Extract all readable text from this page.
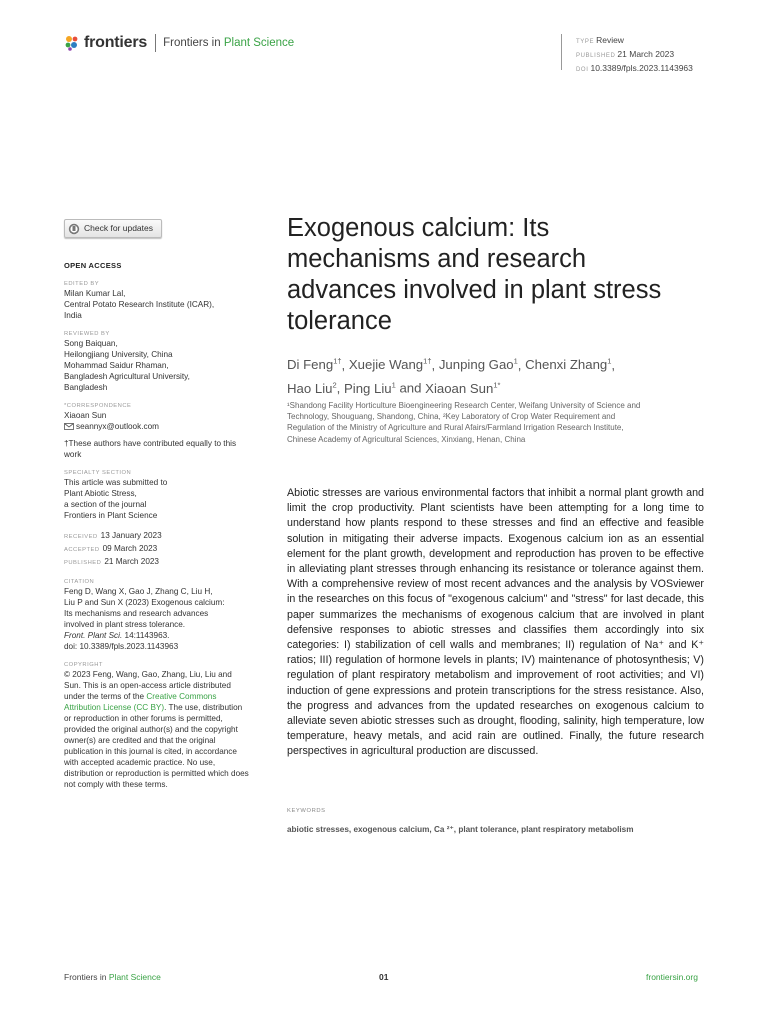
frontiers Frontiers in Plant Science	TYPE Review
PUBLISHED 21 March 2023
DOI 10.3389/fpls.2023.1143963
Check for updates
OPEN ACCESS
EDITED BY
Milan Kumar Lal,
Central Potato Research Institute (ICAR),
India
REVIEWED BY
Song Baiquan,
Heilongjiang University, China
Mohammad Saidur Rhaman,
Bangladesh Agricultural University,
Bangladesh
*CORRESPONDENCE
Xiaoan Sun
seannyx@outlook.com
†These authors have contributed equally to this work
SPECIALTY SECTION
This article was submitted to
Plant Abiotic Stress,
a section of the journal
Frontiers in Plant Science
RECEIVED 13 January 2023
ACCEPTED 09 March 2023
PUBLISHED 21 March 2023
CITATION
Feng D, Wang X, Gao J, Zhang C, Liu H,
Liu P and Sun X (2023) Exogenous calcium:
Its mechanisms and research advances
involved in plant stress tolerance.
Front. Plant Sci. 14:1143963.
doi: 10.3389/fpls.2023.1143963
COPYRIGHT
© 2023 Feng, Wang, Gao, Zhang, Liu, Liu and Sun. This is an open-access article distributed under the terms of the Creative Commons Attribution License (CC BY). The use, distribution or reproduction in other forums is permitted, provided the original author(s) and the copyright owner(s) are credited and that the original publication in this journal is cited, in accordance with accepted academic practice. No use, distribution or reproduction is permitted which does not comply with these terms.
Exogenous calcium: Its mechanisms and research advances involved in plant stress tolerance
Di Feng$^{1\dagger}$, Xuejie Wang$^{1\dagger}$, Junping Gao$^1$, Chenxi Zhang$^1$,
Hao Liu$^2$, Ping Liu$^1$ and Xiaoan Sun$^{1*}$
¹Shandong Facility Horticulture Bioengineering Research Center, Weifang University of Science and
Technology, Shouguang, Shandong, China, ²Key Laboratory of Crop Water Requirement and
Regulation of the Ministry of Agriculture and Rural Afairs/Farmland Irrigation Research Institute,
Chinese Academy of Agricultural Sciences, Xinxiang, Henan, China
Abiotic stresses are various environmental factors that inhibit a normal plant growth and limit the crop productivity. Plant scientists have been attempting for a long time to understand how plants respond to these stresses and find an effective and feasible solution in mitigating their adverse impacts. Exogenous calcium ion as an essential element for the plant growth, development and reproduction has proven to be effective in alleviating plant stresses through enhancing its resistance or tolerance against them. With a comprehensive review of most recent advances and the analysis by VOSviewer in the researches on this focus of "exogenous calcium" and "stress" for last decade, this paper summarizes the mechanisms of exogenous calcium that are involved in plant defensive responses to abiotic stresses and classifies them accordingly into six categories: I) stabilization of cell walls and membranes; II) regulation of Na⁺ and K⁺ ratios; III) regulation of hormone levels in plants; IV) maintenance of photosynthesis; V) regulation of plant respiratory metabolism and improvement of root activities; and VI) induction of gene expressions and protein transcriptions for the stress resistance. Also, the progress and advances from the updated researches on exogenous calcium to alleviate seven abiotic stresses such as drought, flooding, salinity, high temperature, low temperature, heavy metals, and acid rain are outlined. Finally, the future research perspectives in agricultural production are discussed.
KEYWORDS
abiotic stresses, exogenous calcium, Ca ²⁺, plant tolerance, plant respiratory metabolism
Frontiers in Plant Science	01	frontiersin.org
